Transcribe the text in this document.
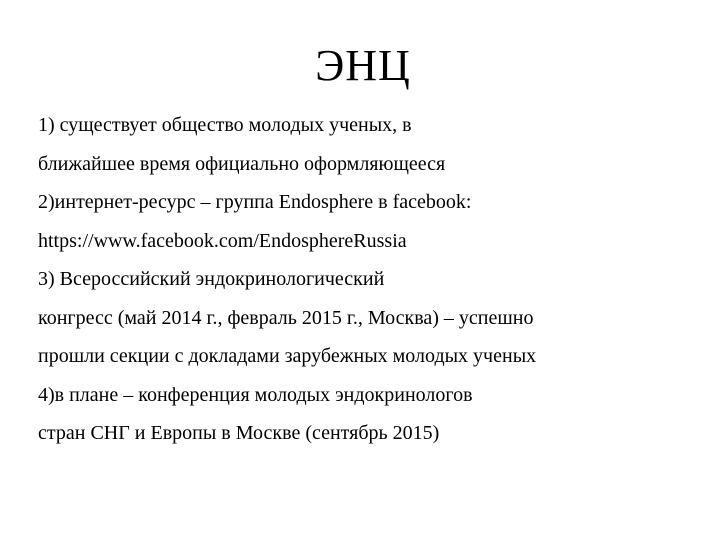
ЭНЦ
1) существует общество молодых ученых, в
ближайшее время официально оформляющееся
2)интернет-ресурс – группа Endosphere в facebook:
https://www.facebook.com/EndosphereRussia
3) Всероссийский эндокринологический
конгресс (май 2014 г., февраль 2015 г., Москва) – успешно
прошли секции с докладами зарубежных молодых ученых
4)в плане – конференция молодых эндокринологов
стран СНГ и Европы в Москве (сентябрь 2015)
